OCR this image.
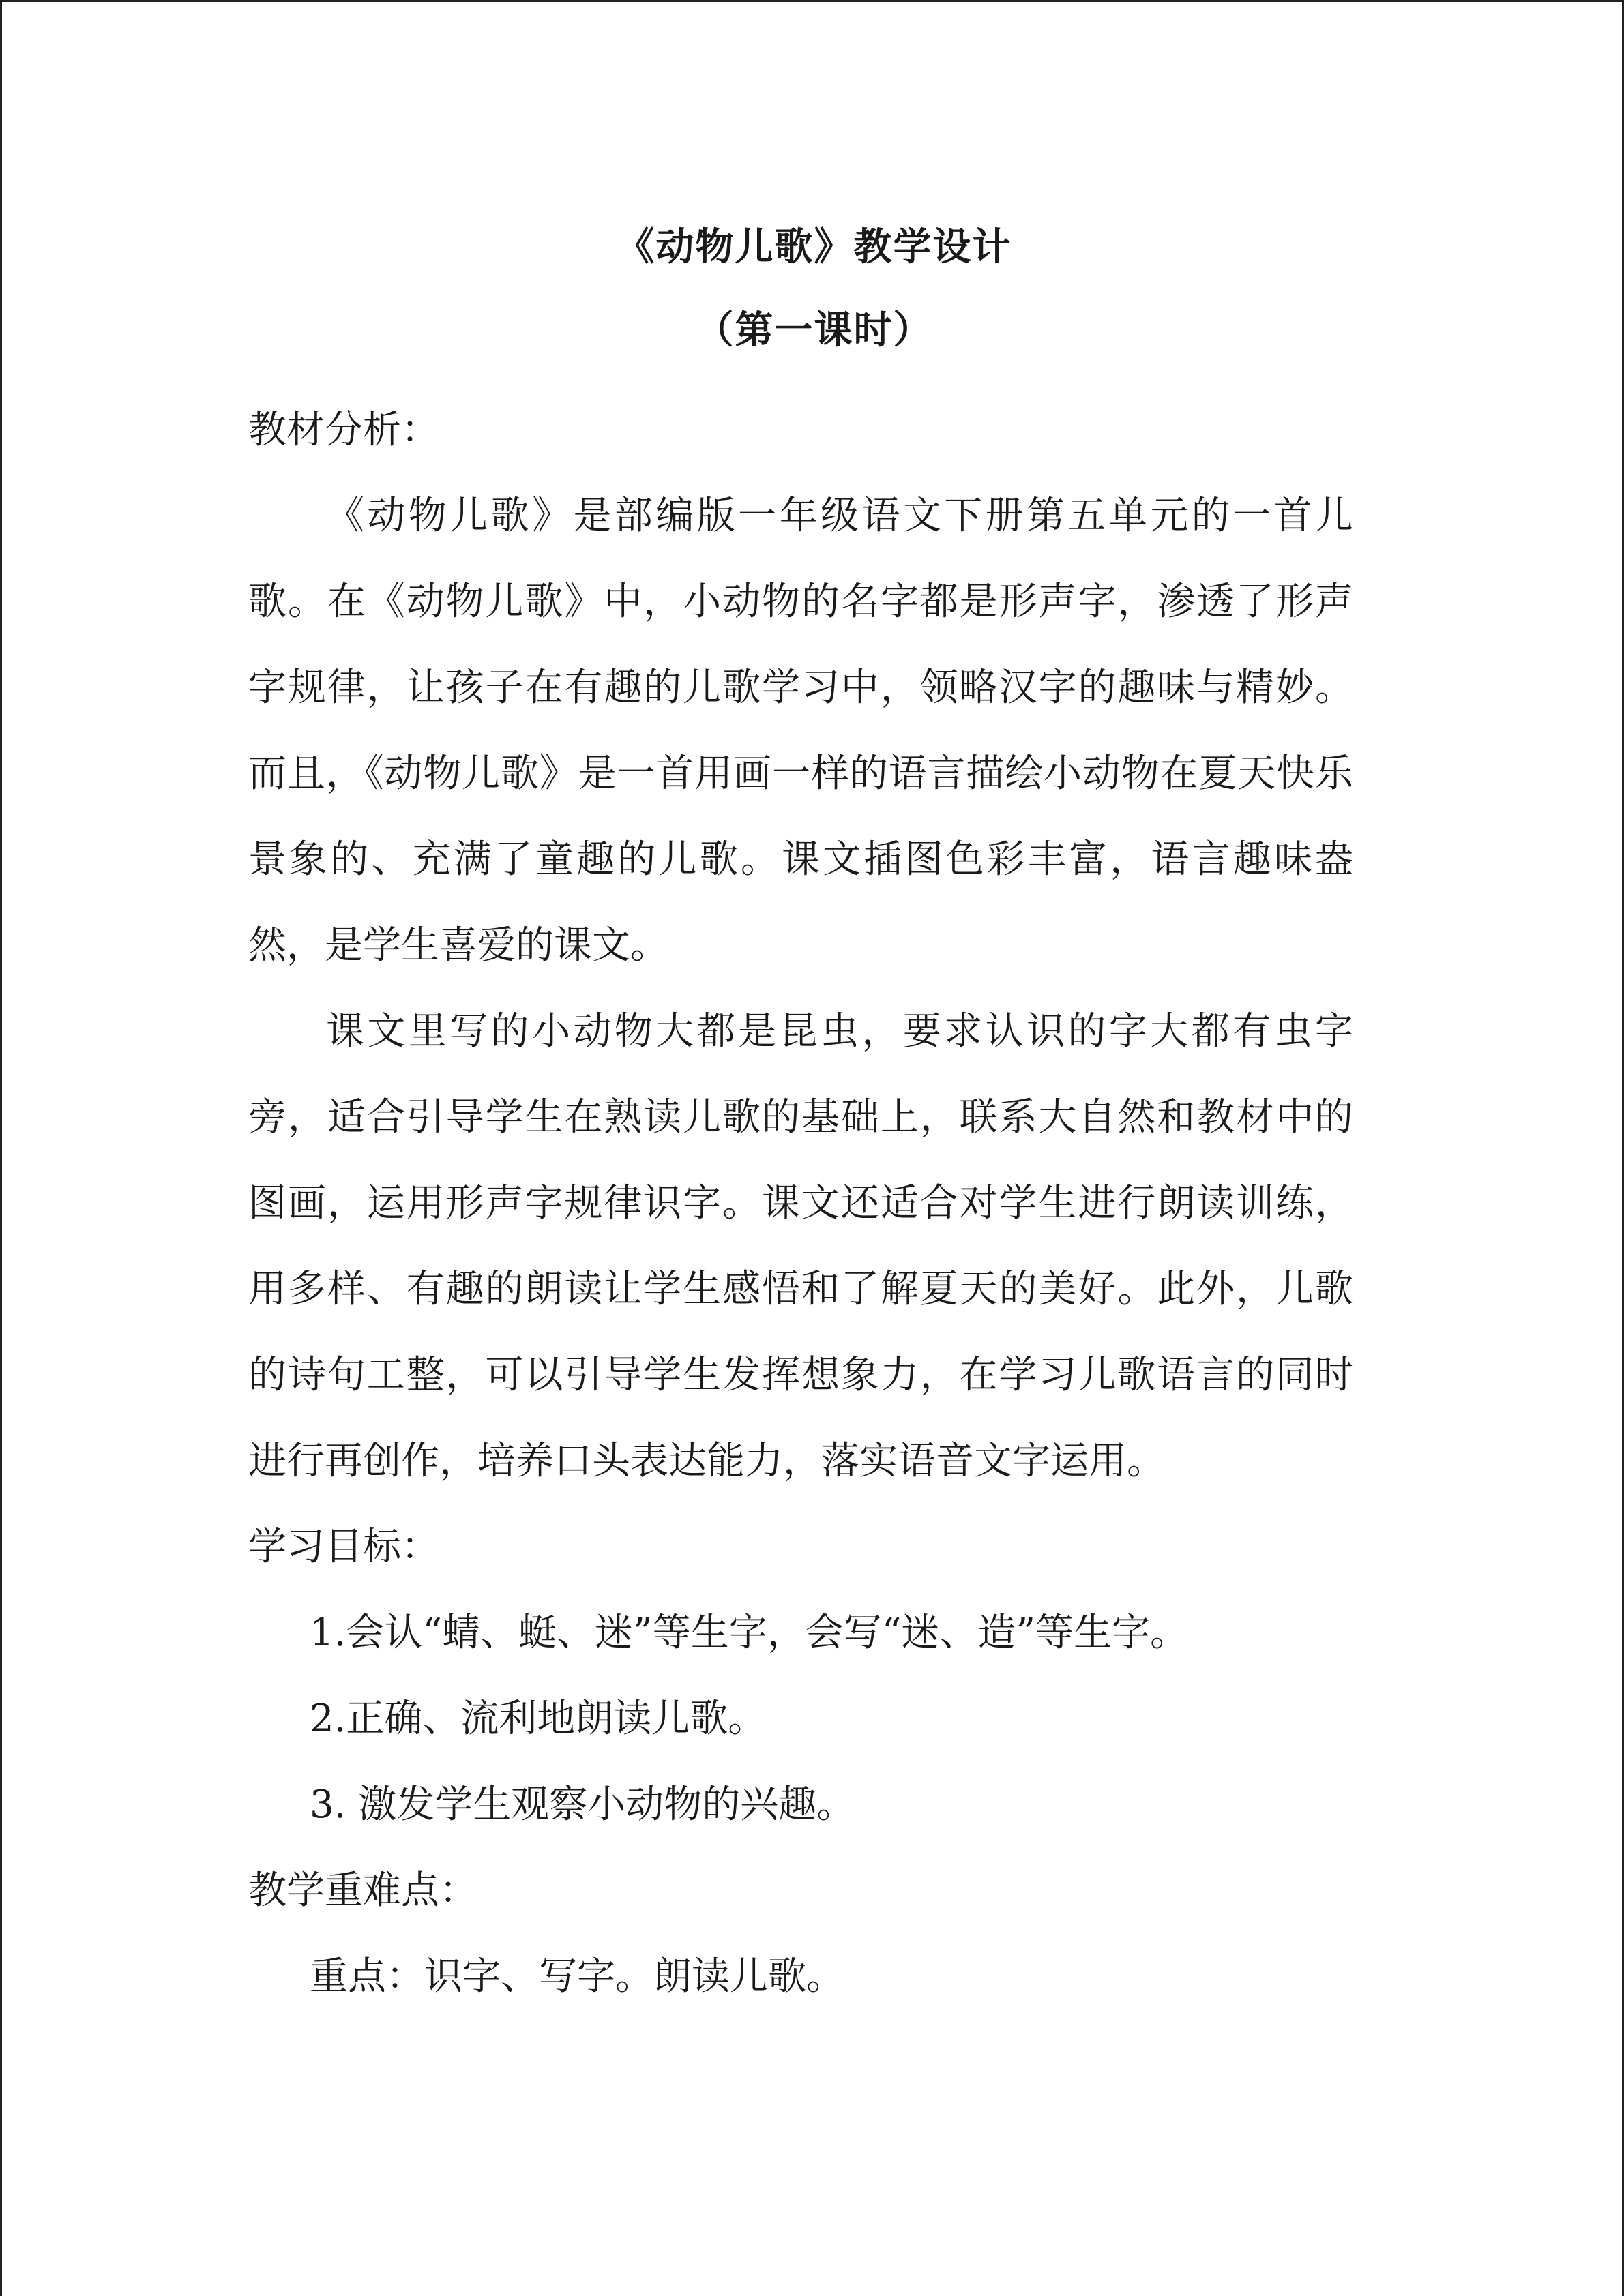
《动物儿歌》教学设计
（第一课时）

教材分析：

《动物儿歌》是部编版一年级语文下册第五单元的一首儿歌。在《动物儿歌》中，小动物的名字都是形声字，渗透了形声字规律，让孩子在有趣的儿歌学习中，领略汉字的趣味与精妙。而且，《动物儿歌》是一首用画一样的语言描绘小动物在夏天快乐景象的、充满了童趣的儿歌。课文插图色彩丰富，语言趣味盎然，是学生喜爱的课文。

课文里写的小动物大都是昆虫，要求认识的字大都有虫字旁，适合引导学生在熟读儿歌的基础上，联系大自然和教材中的图画，运用形声字规律识字。课文还适合对学生进行朗读训练，用多样、有趣的朗读让学生感悟和了解夏天的美好。此外，儿歌的诗句工整，可以引导学生发挥想象力，在学习儿歌语言的同时进行再创作，培养口头表达能力，落实语音文字运用。

学习目标：

1.会认“蜻、蜓、迷”等生字，会写“迷、造”等生字。

2.正确、流利地朗读儿歌。

3. 激发学生观察小动物的兴趣。

教学重难点：

重点：识字、写字。朗读儿歌。
